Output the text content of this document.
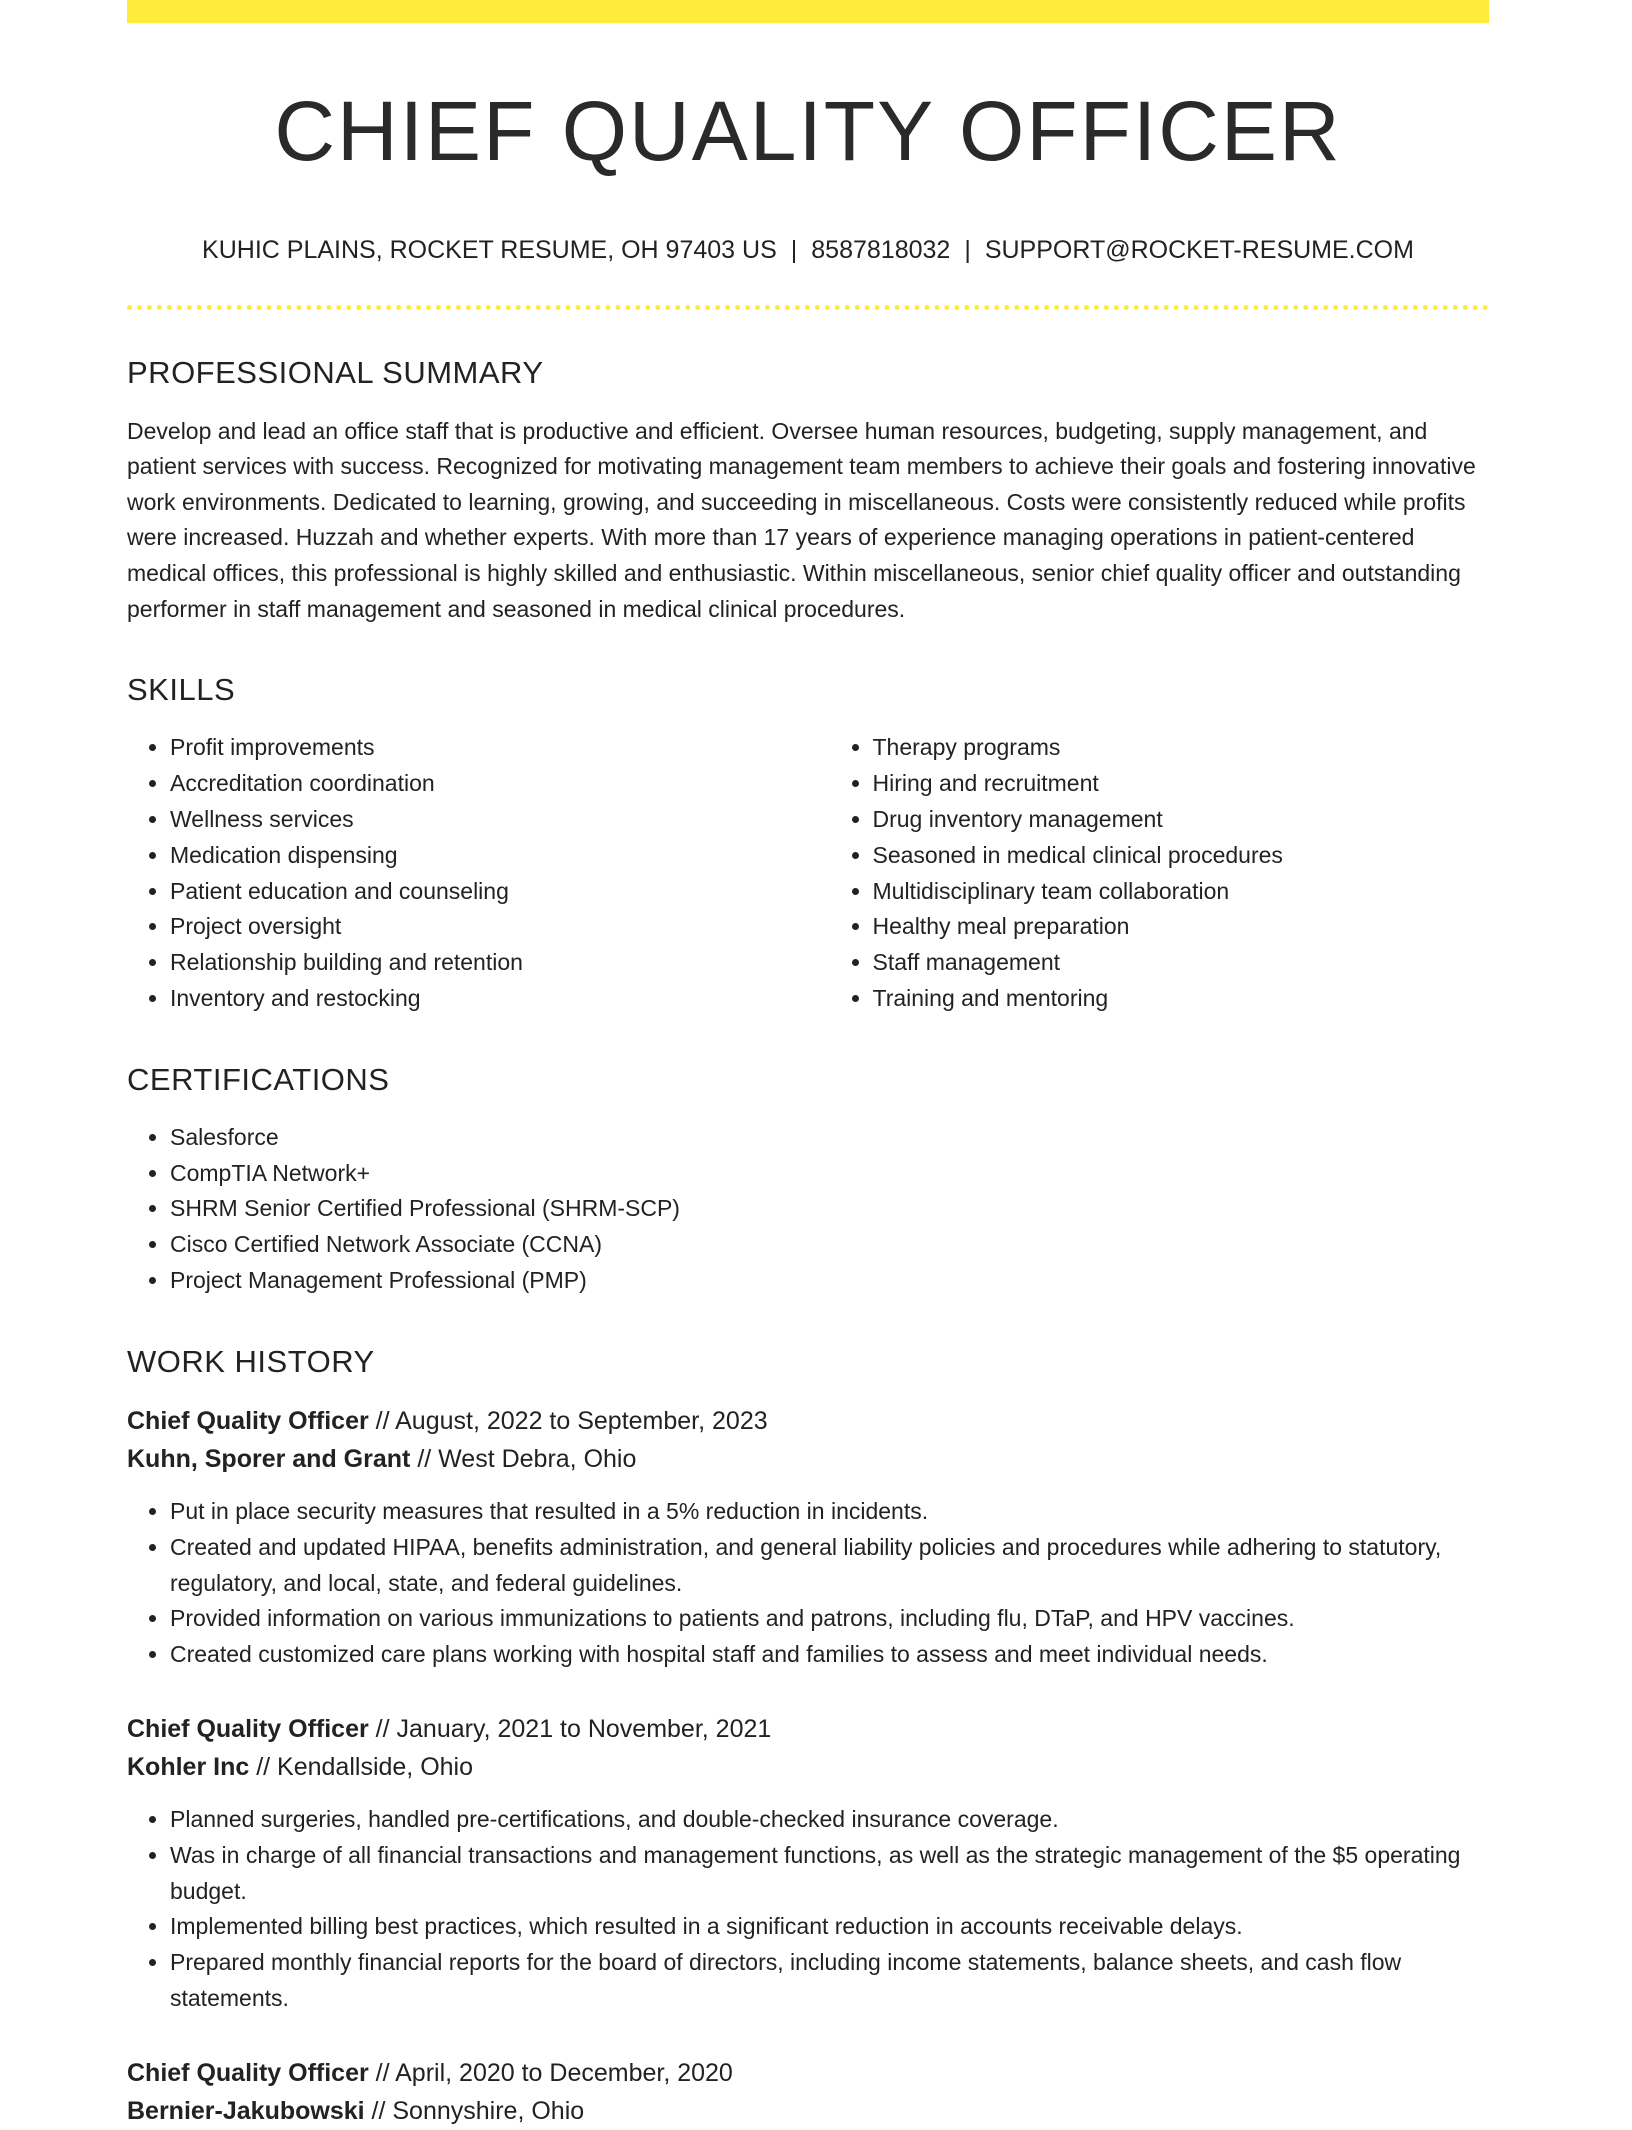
CHIEF QUALITY OFFICER
KUHIC PLAINS, ROCKET RESUME, OH 97403 US | 8587818032 | SUPPORT@ROCKET-RESUME.COM
PROFESSIONAL SUMMARY

Develop and lead an office staff that is productive and efficient. Oversee human resources, budgeting, supply management, and patient services with success. Recognized for motivating management team members to achieve their goals and fostering innovative work environments. Dedicated to learning, growing, and succeeding in miscellaneous. Costs were consistently reduced while profits were increased. Huzzah and whether experts. With more than 17 years of experience managing operations in patient-centered medical offices, this professional is highly skilled and enthusiastic. Within miscellaneous, senior chief quality officer and outstanding performer in staff management and seasoned in medical clinical procedures.

SKILLS
• Profit improvements
• Accreditation coordination
• Wellness services
• Medication dispensing
• Patient education and counseling
• Project oversight
• Relationship building and retention
• Inventory and restocking
• Therapy programs
• Hiring and recruitment
• Drug inventory management
• Seasoned in medical clinical procedures
• Multidisciplinary team collaboration
• Healthy meal preparation
• Staff management
• Training and mentoring
CERTIFICATIONS
• Salesforce
• CompTIA Network+
• SHRM Senior Certified Professional (SHRM-SCP)
• Cisco Certified Network Associate (CCNA)
• Project Management Professional (PMP)
WORK HISTORY
Chief Quality Officer // August, 2022 to September, 2023
Kuhn, Sporer and Grant // West Debra, Ohio
• Put in place security measures that resulted in a 5% reduction in incidents.
• Created and updated HIPAA, benefits administration, and general liability policies and procedures while adhering to statutory, regulatory, and local, state, and federal guidelines.
• Provided information on various immunizations to patients and patrons, including flu, DTaP, and HPV vaccines.
• Created customized care plans working with hospital staff and families to assess and meet individual needs.
Chief Quality Officer // January, 2021 to November, 2021
Kohler Inc // Kendallside, Ohio
• Planned surgeries, handled pre-certifications, and double-checked insurance coverage.
• Was in charge of all financial transactions and management functions, as well as the strategic management of the $5 operating budget.
• Implemented billing best practices, which resulted in a significant reduction in accounts receivable delays.
• Prepared monthly financial reports for the board of directors, including income statements, balance sheets, and cash flow statements.
Chief Quality Officer // April, 2020 to December, 2020
Bernier-Jakubowski // Sonnyshire, Ohio
